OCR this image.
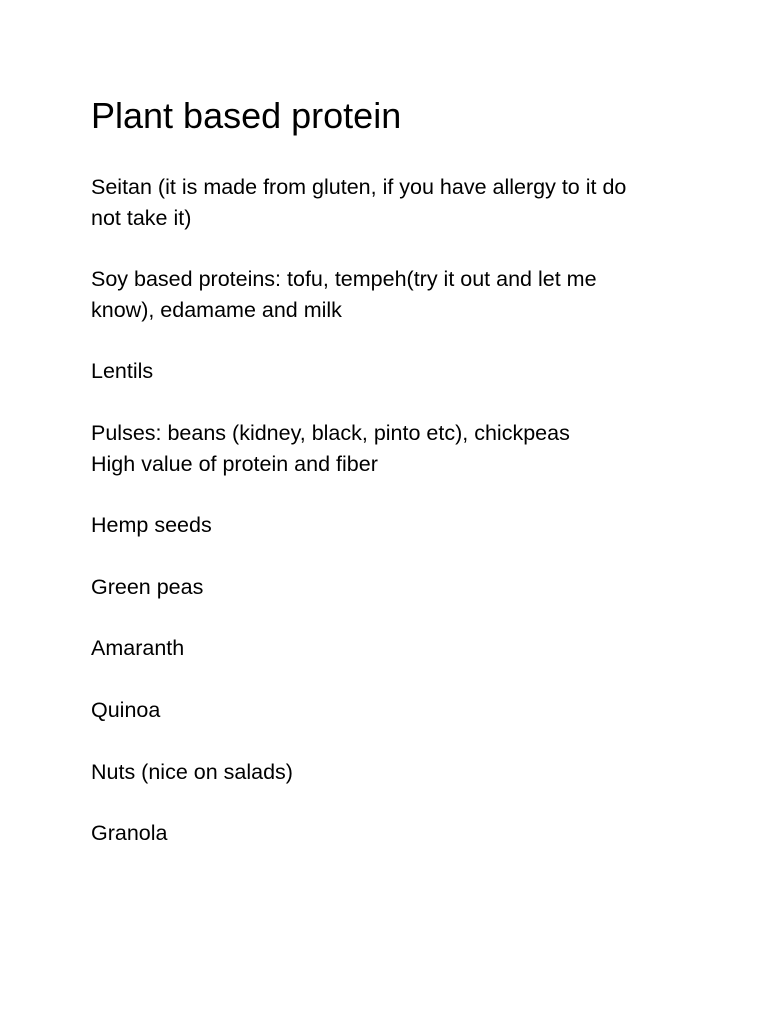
Plant based protein
Seitan (it is made from gluten, if you have allergy to it do
not take it)
Soy based proteins: tofu, tempeh(try it out and let me
know), edamame and milk
Lentils
Pulses: beans (kidney, black, pinto etc), chickpeas
High value of protein and fiber
Hemp seeds
Green peas
Amaranth
Quinoa
Nuts (nice on salads)
Granola
